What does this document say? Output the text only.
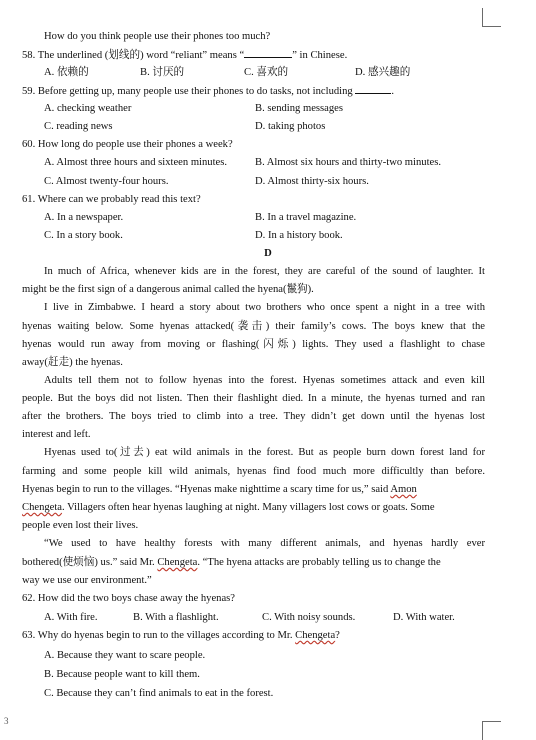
How do you think people use their phones too much?
58. The underlined (划线的) word “reliant” means “	” in Chinese.
A. 依赖的	B. 讨厌的	C. 喜欢的	D. 感兴趣的
59. Before getting up, many people use their phones to do tasks, not including	.
A. checking weather	B. sending messages
C. reading news	D. taking photos
60. How long do people use their phones a week?
A. Almost three hours and sixteen minutes.	B. Almost six hours and thirty-two minutes.
C. Almost twenty-four hours.	D. Almost thirty-six hours.
61. Where can we probably read this text?
A. In a newspaper.	B. In a travel magazine.
C. In a story book.	D. In a history book.
D
In much of Africa, whenever kids are in the forest, they are careful of the sound of laughter. It
might be the first sign of a dangerous animal called the hyena(鬣狗).
I live in Zimbabwe. I heard a story about two brothers who once spent a night in a tree with
hyenas waiting below. Some hyenas attacked(袭击) their family’s cows. The boys knew that the
hyenas would run away from moving or flashing(闪烁) lights. They used a flashlight to chase
away(赶走) the hyenas.
Adults tell them not to follow hyenas into the forest. Hyenas sometimes attack and even kill
people. But the boys did not listen. Then their flashlight died. In a minute, the hyenas turned and ran
after the brothers. The boys tried to climb into a tree. They didn’t get down until the hyenas lost
interest and left.
Hyenas used to(过去) eat wild animals in the forest. But as people burn down forest land for
farming and some people kill wild animals, hyenas find food much more difficultly than before.
Hyenas begin to run to the villages. “Hyenas make nighttime a scary time for us,” said Amon
Chengeta. Villagers often hear hyenas laughing at night. Many villagers lost cows or goats. Some
people even lost their lives.
“We used to have healthy forests with many different animals, and hyenas hardly ever
bothered(使烦恼) us.” said Mr. Chengeta. “The hyena attacks are probably telling us to change the
way we use our environment.”
62. How did the two boys chase away the hyenas?
A. With fire.	B. With a flashlight.	C. With noisy sounds.	D. With water.
63. Why do hyenas begin to run to the villages according to Mr. Chengeta?
A. Because they want to scare people.
B. Because people want to kill them.
C. Because they can’t find animals to eat in the forest.
3
